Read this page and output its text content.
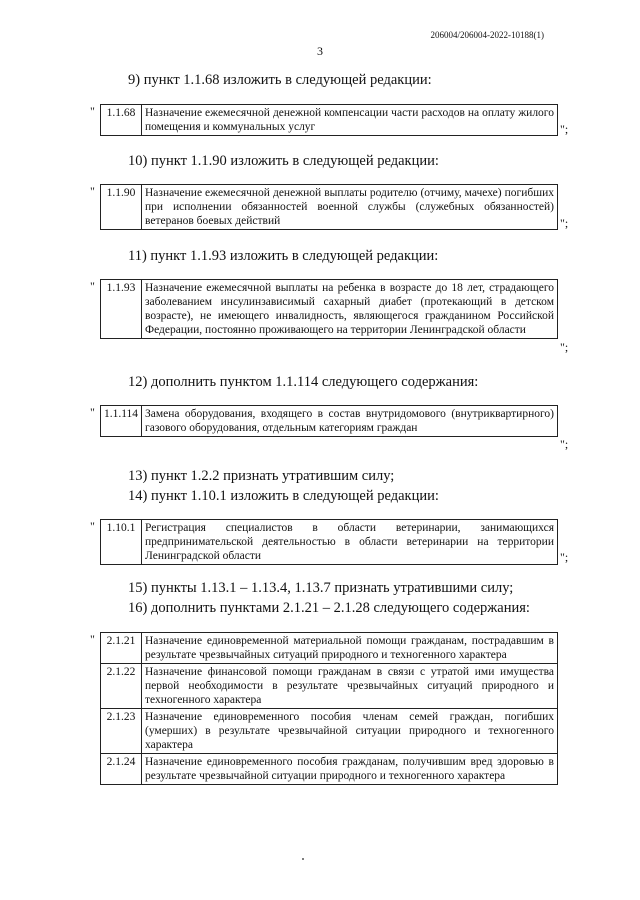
206004/206004-2022-10188(1)
3
9) пункт 1.1.68 изложить в следующей редакции:
" 1.1.68	Назначение ежемесячной денежной компенсации части расходов на оплату жилого помещения и коммунальных услуг	";
10) пункт 1.1.90 изложить в следующей редакции:
" 1.1.90	Назначение ежемесячной денежной выплаты родителю (отчиму, мачехе) погибших при исполнении обязанностей военной службы (служебных обязанностей) ветеранов боевых действий	";
11) пункт 1.1.93 изложить в следующей редакции:
" 1.1.93	Назначение ежемесячной выплаты на ребенка в возрасте до 18 лет, страдающего заболеванием инсулинзависимый сахарный диабет (протекающий в детском возрасте), не имеющего инвалидность, являющегося гражданином Российской Федерации, постоянно проживающего на территории Ленинградской области
";
12) дополнить пунктом 1.1.114 следующего содержания:
" 1.1.114	Замена оборудования, входящего в состав внутридомового (внутриквартирного) газового оборудования, отдельным категориям граждан
";
13) пункт 1.2.2 признать утратившим силу;
14) пункт 1.10.1 изложить в следующей редакции:
" 1.10.1	Регистрация специалистов в области ветеринарии, занимающихся предпринимательской деятельностью в области ветеринарии на территории Ленинградской области	";
15) пункты 1.13.1 – 1.13.4, 1.13.7 признать утратившими силу;
16) дополнить пунктами 2.1.21 – 2.1.28 следующего содержания:
" 2.1.21	Назначение единовременной материальной помощи гражданам, пострадавшим в результате чрезвычайных ситуаций природного и техногенного характера
2.1.22	Назначение финансовой помощи гражданам в связи с утратой ими имущества первой необходимости в результате чрезвычайных ситуаций природного и техногенного характера
2.1.23	Назначение единовременного пособия членам семей граждан, погибших (умерших) в результате чрезвычайной ситуации природного и техногенного характера
2.1.24	Назначение единовременного пособия гражданам, получившим вред здоровью в результате чрезвычайной ситуации природного и техногенного характера
